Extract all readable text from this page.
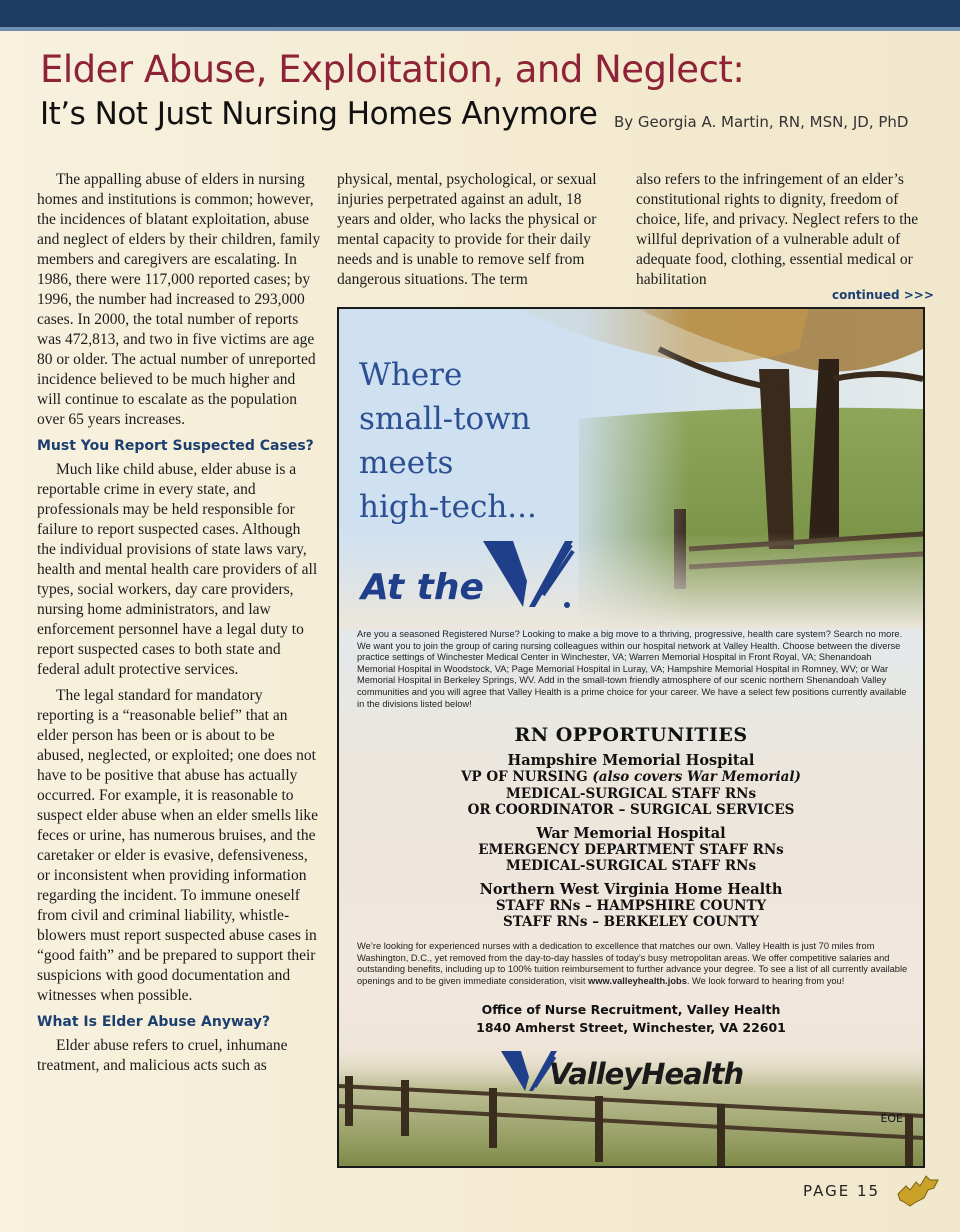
Elder Abuse, Exploitation, and Neglect:
It’s Not Just Nursing Homes Anymore By Georgia A. Martin, RN, MSN, JD, PhD

The appalling abuse of elders in nursing homes and institutions is common; however, the incidences of blatant exploitation, abuse and neglect of elders by their children, family members and caregivers are escalating. In 1986, there were 117,000 reported cases; by 1996, the number had increased to 293,000 cases. In 2000, the total number of reports was 472,813, and two in five victims are age 80 or older. The actual number of unreported incidence believed to be much higher and will continue to escalate as the population over 65 years increases.

Must You Report Suspected Cases?

Much like child abuse, elder abuse is a reportable crime in every state, and professionals may be held responsible for failure to report suspected cases. Although the individual provisions of state laws vary, health and mental health care providers of all types, social workers, day care providers, nursing home administrators, and law enforcement personnel have a legal duty to report suspected cases to both state and federal adult protective services.

The legal standard for mandatory reporting is a “reasonable belief” that an elder person has been or is about to be abused, neglected, or exploited; one does not have to be positive that abuse has actually occurred. For example, it is reasonable to suspect elder abuse when an elder smells like feces or urine, has numerous bruises, and the caretaker or elder is evasive, defensiveness, or inconsistent when providing information regarding the incident. To immune oneself from civil and criminal liability, whistle-blowers must report suspected abuse cases in “good faith” and be prepared to support their suspicions with good documentation and witnesses when possible.

What Is Elder Abuse Anyway?

Elder abuse refers to cruel, inhumane treatment, and malicious acts such as

physical, mental, psychological, or sexual injuries perpetrated against an adult, 18 years and older, who lacks the physical or mental capacity to provide for their daily needs and is unable to remove self from dangerous situations. The term

also refers to the infringement of an elder’s constitutional rights to dignity, freedom of choice, life, and privacy. Neglect refers to the willful deprivation of a vulnerable adult of adequate food, clothing, essential medical or habilitation

continued >>>
Where
small-town
meets
high-tech...
At the
Are you a seasoned Registered Nurse? Looking to make a big move to a thriving, progressive, health care system? Search no more. We want you to join the group of caring nursing colleagues within our hospital network at Valley Health. Choose between the diverse practice settings of Winchester Medical Center in Winchester, VA; Warren Memorial Hospital in Front Royal, VA; Shenandoah Memorial Hospital in Woodstock, VA; Page Memorial Hospital in Luray, VA; Hampshire Memorial Hospital in Romney, WV; or War Memorial Hospital in Berkeley Springs, WV. Add in the small-town friendly atmosphere of our scenic northern Shenandoah Valley communities and you will agree that Valley Health is a prime choice for your career. We have a select few positions currently available in the divisions listed below!
RN OPPORTUNITIES
Hampshire Memorial Hospital
VP OF NURSING (also covers War Memorial)
MEDICAL-SURGICAL STAFF RNs
OR COORDINATOR – SURGICAL SERVICES
War Memorial Hospital
EMERGENCY DEPARTMENT STAFF RNs
MEDICAL-SURGICAL STAFF RNs
Northern West Virginia Home Health
STAFF RNs – HAMPSHIRE COUNTY
STAFF RNs – BERKELEY COUNTY
We’re looking for experienced nurses with a dedication to excellence that matches our own. Valley Health is just 70 miles from Washington, D.C., yet removed from the day-to-day hassles of today’s busy metropolitan areas. We offer competitive salaries and outstanding benefits, including up to 100% tuition reimbursement to further advance your degree. To see a list of all currently available openings and to be given immediate consideration, visit www.valleyhealth.jobs. We look forward to hearing from you!
Office of Nurse Recruitment, Valley Health
1840 Amherst Street, Winchester, VA 22601
ValleyHealth
EOE
PAGE 15
